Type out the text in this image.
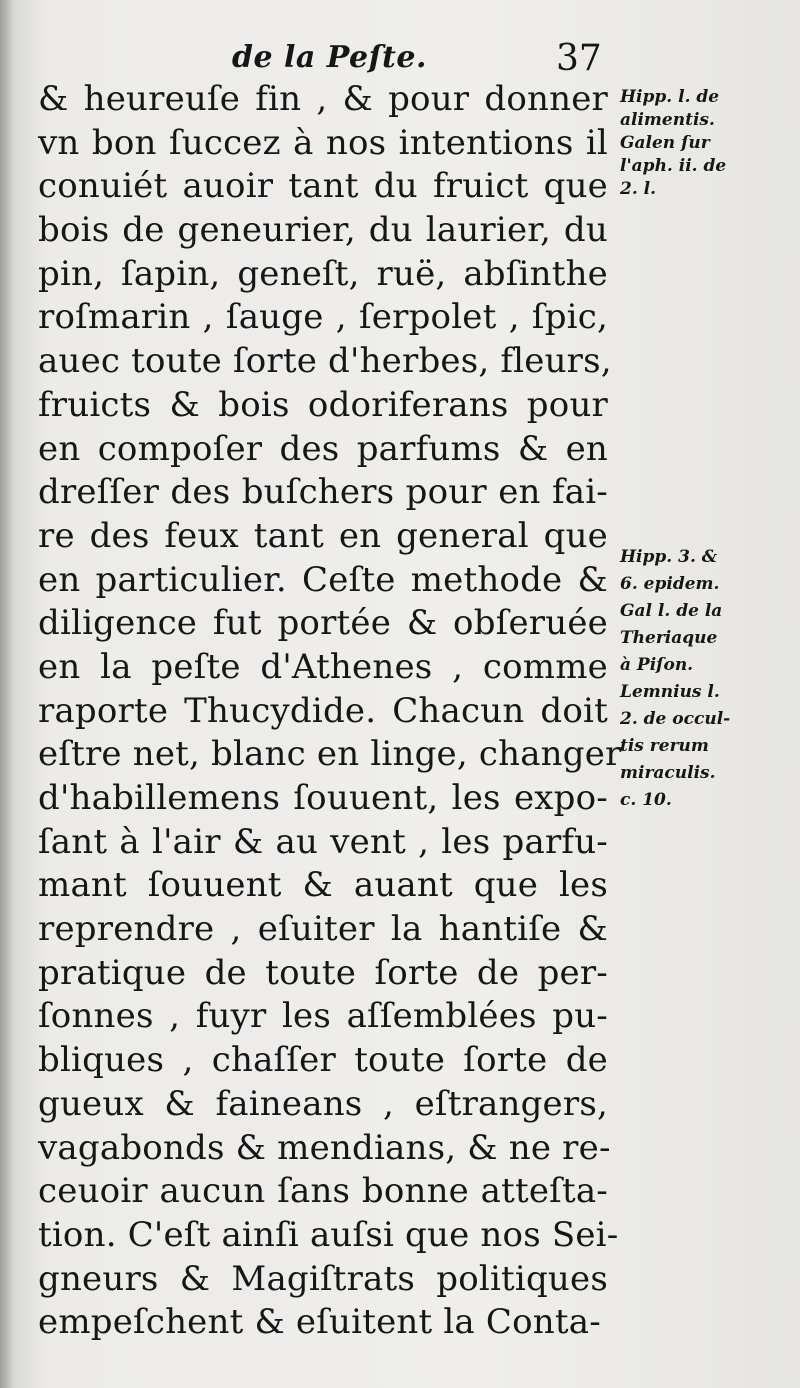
de la Peſte.	37
& heureuſe fin , & pour donner
vn bon ſuccez à nos intentions il
conuiét auoir tant du fruict que
bois de geneurier, du laurier, du
pin, ſapin, geneſt, ruë, abſinthe
roſmarin , ſauge , ſerpolet , ſpic,
auec toute ſorte d'herbes, fleurs,
fruicts & bois odoriferans pour
en compoſer des parfums & en
dreſſer des buſchers pour en fai-
re des feux tant en general que
en particulier. Ceſte methode &
diligence fut portée & obſeruée
en la peſte d'Athenes , comme
raporte Thucydide. Chacun doit
eſtre net, blanc en linge, changer
d'habillemens ſouuent, les expo-
ſant à l'air & au vent , les parfu-
mant ſouuent & auant que les
reprendre , eſuiter la hantiſe &
pratique de toute ſorte de per-
ſonnes , fuyr les aſſemblées pu-
bliques , chaſſer toute ſorte de
gueux & faineans , eſtrangers,
vagabonds & mendians, & ne re-
ceuoir aucun ſans bonne atteſta-
tion. C'eſt ainſi auſsi que nos Sei-
gneurs & Magiſtrats politiques
empeſchent & eſuitent la Conta-
Hipp. l. de
alimentis.
Galen ſur
l'aph. ii. de
2. l.
Hipp. 3. &
6. epidem.
Gal l. de la
Theriaque
à Piſon.
Lemnius l.
2. de occul-
tis rerum
miraculis.
c. 10.
